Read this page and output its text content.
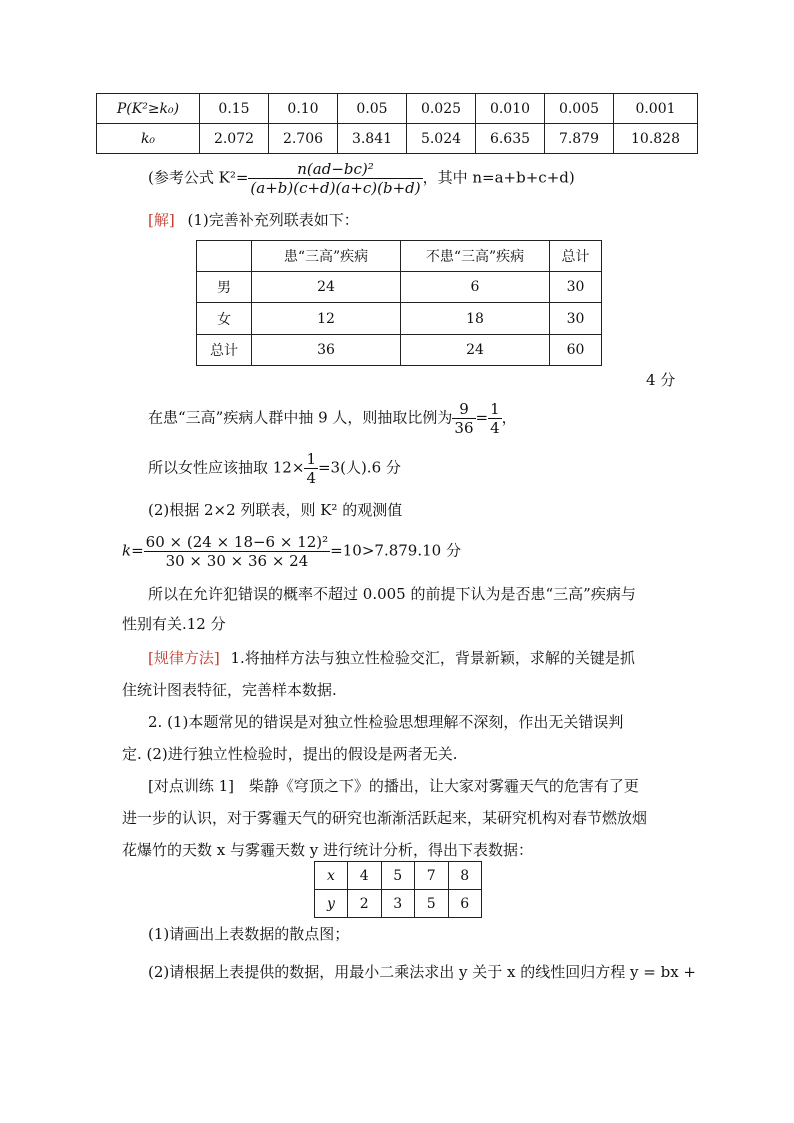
P(K²≥k₀)	0.15	0.10	0.05	0.025	0.010	0.005	0.001
k₀	2.072	2.706	3.841	5.024	6.635	7.879	10.828
(参考公式 $K^2= \frac{\text{n(ad−bc)²}}{(a+b)(c+d)(a+c)(b+d)}$ ，其中 n=a+b+c+d)
[解] (1)完善补充列联表如下：
	患“三高”疾病	不患“三高”疾病	总计
男	24	6	30
女	12	18	30
总计	36	24	60
4 分
在患“三高”疾病人群中抽 9 人，则抽取比例为 $\frac{9}{36} = \frac{1}{4}$ ，
所以女性应该抽取 $12\times \frac{1}{4} =3$(人).6 分
(2)根据 2×2 列联表，则 K² 的观测值
$k= \frac{\text{60 × (24 × 18−6 × 12)²}}{30 \times 30 \times 36 \times 24} =10>7.879.10$ 分
所以在允许犯错误的概率不超过 0.005 的前提下认为是否患“三高”疾病与
性别有关.12 分
[规律方法] 1.将抽样方法与独立性检验交汇，背景新颖，求解的关键是抓
住统计图表特征，完善样本数据.
2. (1)本题常见的错误是对独立性检验思想理解不深刻，作出无关错误判
定. (2)进行独立性检验时，提出的假设是两者无关.
[对点训练 1] 柴静《穹顶之下》的播出，让大家对雾霾天气的危害有了更
进一步的认识，对于雾霾天气的研究也渐渐活跃起来，某研究机构对春节燃放烟
花爆竹的天数 x 与雾霾天数 y 进行统计分析，得出下表数据：
x	4	5	7	8
y	2	3	5	6
(1)请画出上表数据的散点图；
(2)请根据上表提供的数据，用最小二乘法求出 y 关于 x 的线性回归方程 y = bx +
